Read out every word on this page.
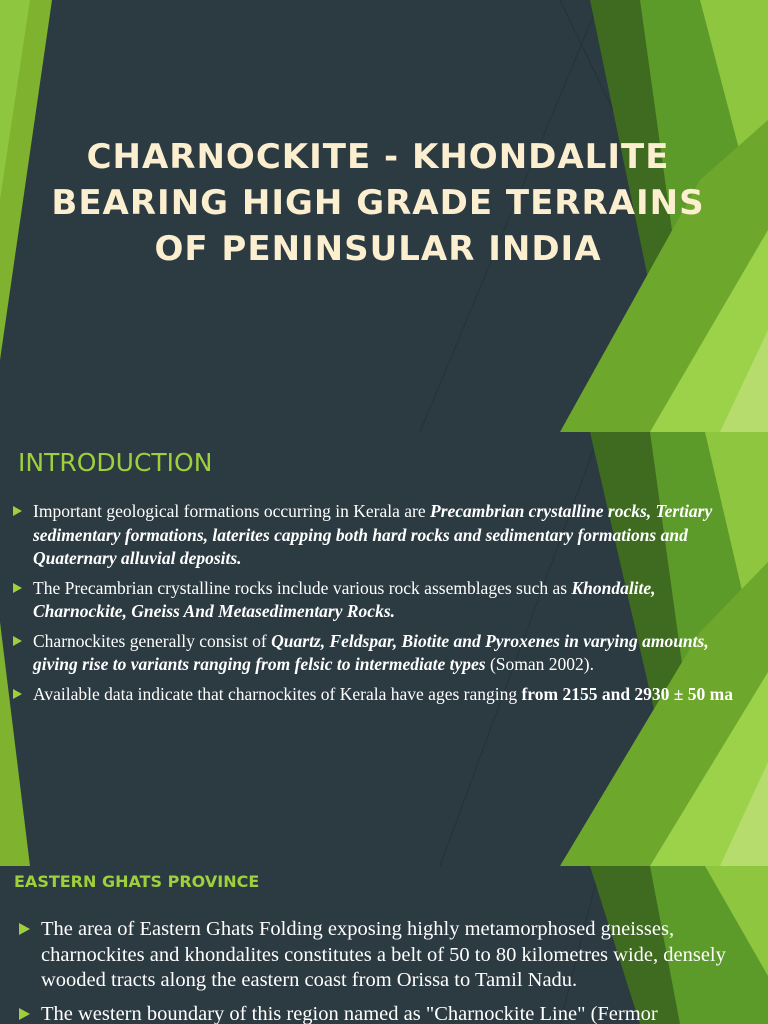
CHARNOCKITE - KHONDALITE
BEARING HIGH GRADE TERRAINS
OF PENINSULAR INDIA
INTRODUCTION
Important geological formations occurring in Kerala are Precambrian crystalline rocks, Tertiary sedimentary formations, laterites capping both hard rocks and sedimentary formations and Quaternary alluvial deposits.
The Precambrian crystalline rocks include various rock assemblages such as Khondalite, Charnockite, Gneiss And Metasedimentary Rocks.
Charnockites generally consist of Quartz, Feldspar, Biotite and Pyroxenes in varying amounts, giving rise to variants ranging from felsic to intermediate types (Soman 2002).
Available data indicate that charnockites of Kerala have ages ranging from 2155 and 2930 ± 50 ma
EASTERN GHATS PROVINCE
The area of Eastern Ghats Folding exposing highly metamorphosed gneisses, charnockites and khondalites constitutes a belt of 50 to 80 kilometres wide, densely wooded tracts along the eastern coast from Orissa to Tamil Nadu.
The western boundary of this region named as "Charnockite Line" (Fermor
